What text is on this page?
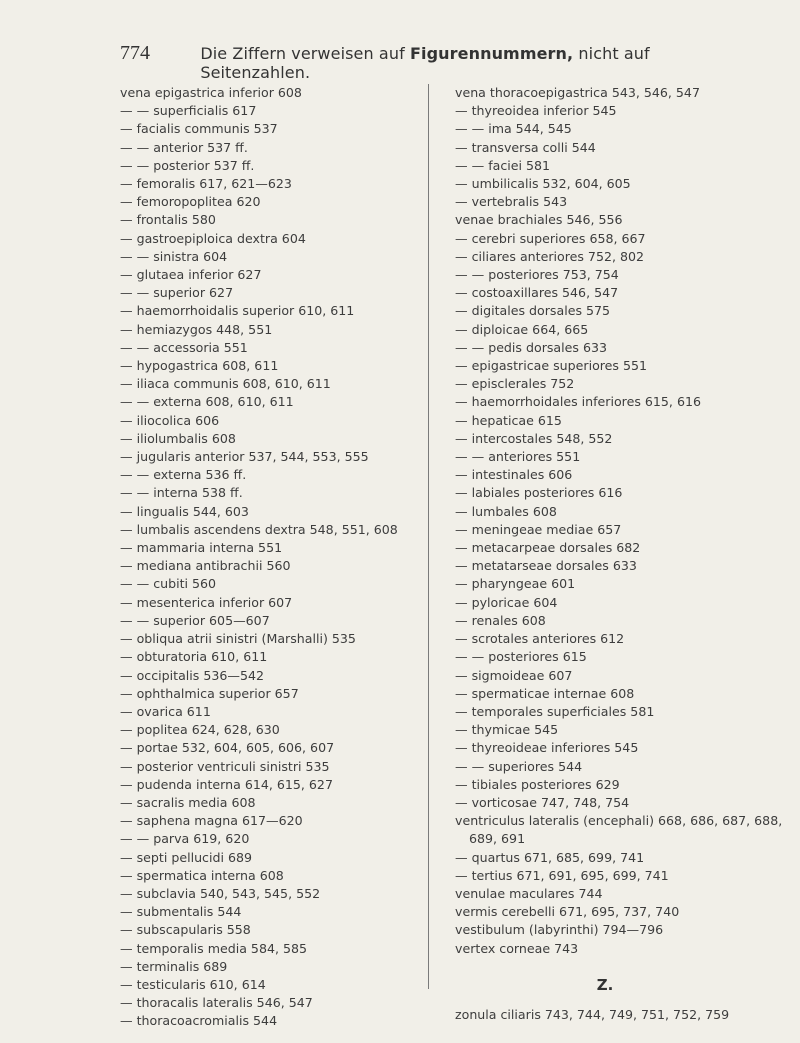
774	Die Ziffern verweisen auf Figurennummern, nicht auf Seitenzahlen.
vena epigastrica inferior 608
— — superficialis 617
— facialis communis 537
— — anterior 537 ff.
— — posterior 537 ff.
— femoralis 617, 621—623
— femoropoplitea 620
— frontalis 580
— gastroepiploica dextra 604
— — sinistra 604
— glutaea inferior 627
— — superior 627
— haemorrhoidalis superior 610, 611
— hemiazygos 448, 551
— — accessoria 551
— hypogastrica 608, 611
— iliaca communis 608, 610, 611
— — externa 608, 610, 611
— iliocolica 606
— iliolumbalis 608
— jugularis anterior 537, 544, 553, 555
— — externa 536 ff.
— — interna 538 ff.
— lingualis 544, 603
— lumbalis ascendens dextra 548, 551, 608
— mammaria interna 551
— mediana antibrachii 560
— — cubiti 560
— mesenterica inferior 607
— — superior 605—607
— obliqua atrii sinistri (Marshalli) 535
— obturatoria 610, 611
— occipitalis 536—542
— ophthalmica superior 657
— ovarica 611
— poplitea 624, 628, 630
— portae 532, 604, 605, 606, 607
— posterior ventriculi sinistri 535
— pudenda interna 614, 615, 627
— sacralis media 608
— saphena magna 617—620
— — parva 619, 620
— septi pellucidi 689
— spermatica interna 608
— subclavia 540, 543, 545, 552
— submentalis 544
— subscapularis 558
— temporalis media 584, 585
— terminalis 689
— testicularis 610, 614
— thoracalis lateralis 546, 547
— thoracoacromialis 544
vena thoracoepigastrica 543, 546, 547
— thyreoidea inferior 545
— — ima 544, 545
— transversa colli 544
— — faciei 581
— umbilicalis 532, 604, 605
— vertebralis 543
venae brachiales 546, 556
— cerebri superiores 658, 667
— ciliares anteriores 752, 802
— — posteriores 753, 754
— costoaxillares 546, 547
— digitales dorsales 575
— diploicae 664, 665
— — pedis dorsales 633
— epigastricae superiores 551
— episclerales 752
— haemorrhoidales inferiores 615, 616
— hepaticae 615
— intercostales 548, 552
— — anteriores 551
— intestinales 606
— labiales posteriores 616
— lumbales 608
— meningeae mediae 657
— metacarpeae dorsales 682
— metatarseae dorsales 633
— pharyngeae 601
— pyloricae 604
— renales 608
— scrotales anteriores 612
— — posteriores 615
— sigmoideae 607
— spermaticae internae 608
— temporales superficiales 581
— thymicae 545
— thyreoideae inferiores 545
— — superiores 544
— tibiales posteriores 629
— vorticosae 747, 748, 754
ventriculus lateralis (encephali) 668, 686, 687, 688, 689, 691
— quartus 671, 685, 699, 741
— tertius 671, 691, 695, 699, 741
venulae maculares 744
vermis cerebelli 671, 695, 737, 740
vestibulum (labyrinthi) 794—796
vertex corneae 743
Z.
zonula ciliaris 743, 744, 749, 751, 752, 759
